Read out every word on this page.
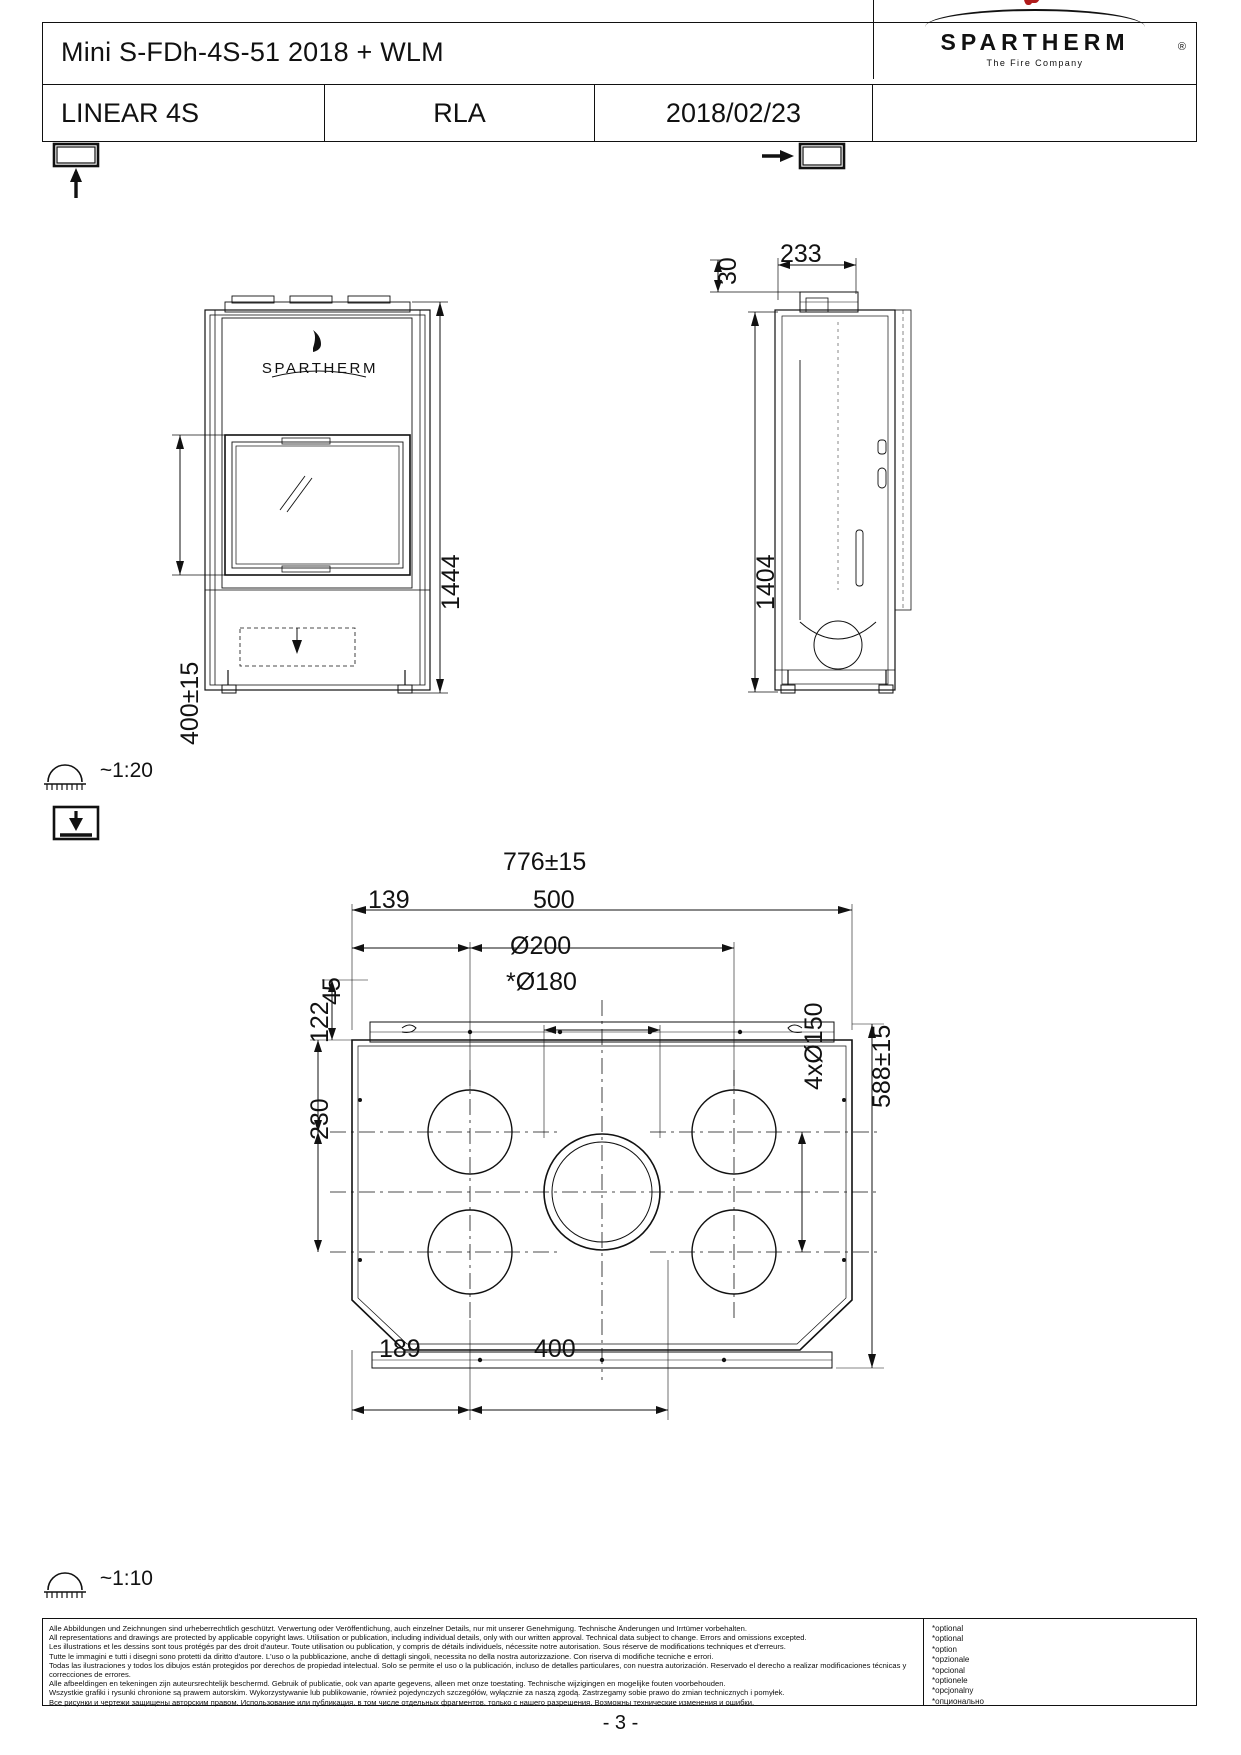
Mini S-FDh-4S-51 2018 + WLM
LINEAR 4S	RLA	2018/02/23
SPARTHERM
The Fire Company
®
SPARTHERM
400±15
1444	1404
30
233
~1:20
776±15
139	500
Ø200
*Ø180
45
122
230
4xØ150 588±15
189	400
~1:10

Alle Abbildungen und Zeichnungen sind urheberrechtlich geschützt. Verwertung oder Veröffentlichung, auch einzelner Details, nur mit unserer Genehmigung. Technische Änderungen und Irrtümer vorbehalten.

All representations and drawings are protected by applicable copyright laws. Utilisation or publication, including individual details, only with our written approval. Technical data subject to change. Errors and omissions excepted.

Les illustrations et les dessins sont tous protégés par des droit d'auteur. Toute utilisation ou publication, y compris de détails individuels, nécessite notre autorisation. Sous réserve de modifications techniques et d'erreurs.

Tutte le immagini e tutti i disegni sono protetti da diritto d'autore. L'uso o la pubblicazione, anche di dettagli singoli, necessita no della nostra autorizzazione. Con riserva di modifiche tecniche e errori.

Todas las ilustraciones y todos los dibujos están protegidos por derechos de propiedad intelectual. Solo se permite el uso o la publicación, incluso de detalles particulares, con nuestra autorización. Reservado el derecho a realizar modificaciones técnicas y correcciones de errores.

Alle afbeeldingen en tekeningen zijn auteursrechtelijk beschermd. Gebruik of publicatie, ook van aparte gegevens, alleen met onze toestating. Technische wijzigingen en mogelijke fouten voorbehouden.

Wszystkie grafiki i rysunki chronione są prawem autorskim. Wykorzystywanie lub publikowanie, również pojedynczych szczegółów, wyłącznie za naszą zgodą. Zastrzegamy sobie prawo do zmian technicznych i pomyłek.

Все рисунки и чертежи защищены авторским правом. Использование или публикация, в том числе отдельных фрагментов, только с нашего разрешения. Возможны технические изменения и ошибки.

*optional

*optional

*option

*opzionale

*opcional

*optionele

*opcjonalny

*опционально

- 3 -
